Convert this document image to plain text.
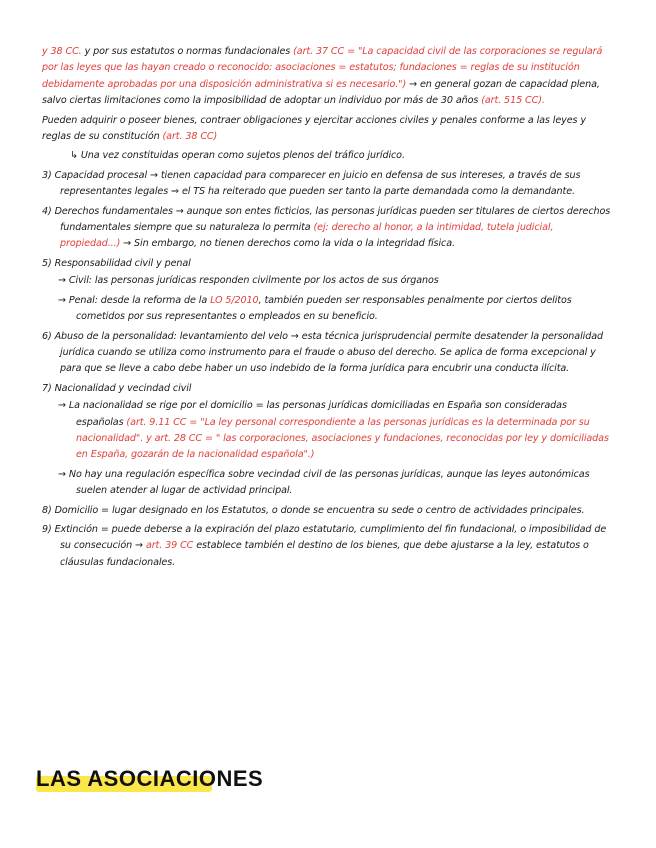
y 38 CC. y por sus estatutos o normas fundacionales (art. 37 CC = "La capacidad civil de las corporaciones se regulará por las leyes que las hayan creado o reconocido: asociaciones = estatutos; fundaciones = reglas de su institución debidamente aprobadas por una disposición administrativa si es necesario.") → en general gozan de capacidad plena, salvo ciertas limitaciones como la imposibilidad de adoptar un individuo por más de 30 años (art. 515 CC).

Pueden adquirir o poseer bienes, contraer obligaciones y ejercitar acciones civiles y penales conforme a las leyes y reglas de su constitución (art. 38 CC)

↳ Una vez constituidas operan como sujetos plenos del tráfico jurídico.

3) Capacidad procesal → tienen capacidad para comparecer en juicio en defensa de sus intereses, a través de sus representantes legales ⇒ el TS ha reiterado que pueden ser tanto la parte demandada como la demandante.

4) Derechos fundamentales → aunque son entes ficticios, las personas jurídicas pueden ser titulares de ciertos derechos fundamentales siempre que su naturaleza lo permita (ej: derecho al honor, a la intimidad, tutela judicial, propiedad...) → Sin embargo, no tienen derechos como la vida o la integridad física.

5) Responsabilidad civil y penal

→ Civil: las personas jurídicas responden civilmente por los actos de sus órganos

→ Penal: desde la reforma de la LO 5/2010, también pueden ser responsables penalmente por ciertos delitos cometidos por sus representantes o empleados en su beneficio.

6) Abuso de la personalidad: levantamiento del velo → esta técnica jurisprudencial permite desatender la personalidad jurídica cuando se utiliza como instrumento para el fraude o abuso del derecho. Se aplica de forma excepcional y para que se lleve a cabo debe haber un uso indebido de la forma jurídica para encubrir una conducta ilícita.

7) Nacionalidad y vecindad civil

→ La nacionalidad se rige por el domicilio = las personas jurídicas domiciliadas en España son consideradas españolas (art. 9.11 CC = "La ley personal correspondiente a las personas jurídicas es la determinada por su nacionalidad". y art. 28 CC = " las corporaciones, asociaciones y fundaciones, reconocidas por ley y domiciliadas en España, gozarán de la nacionalidad española".)

→ No hay una regulación específica sobre vecindad civil de las personas jurídicas, aunque las leyes autonómicas suelen atender al lugar de actividad principal.

8) Domicilio = lugar designado en los Estatutos, o donde se encuentra su sede o centro de actividades principales.

9) Extinción = puede deberse a la expiración del plazo estatutario, cumplimiento del fin fundacional, o imposibilidad de su consecución → art. 39 CC establece también el destino de los bienes, que debe ajustarse a la ley, estatutos o cláusulas fundacionales.

LAS ASOCIACIONES
